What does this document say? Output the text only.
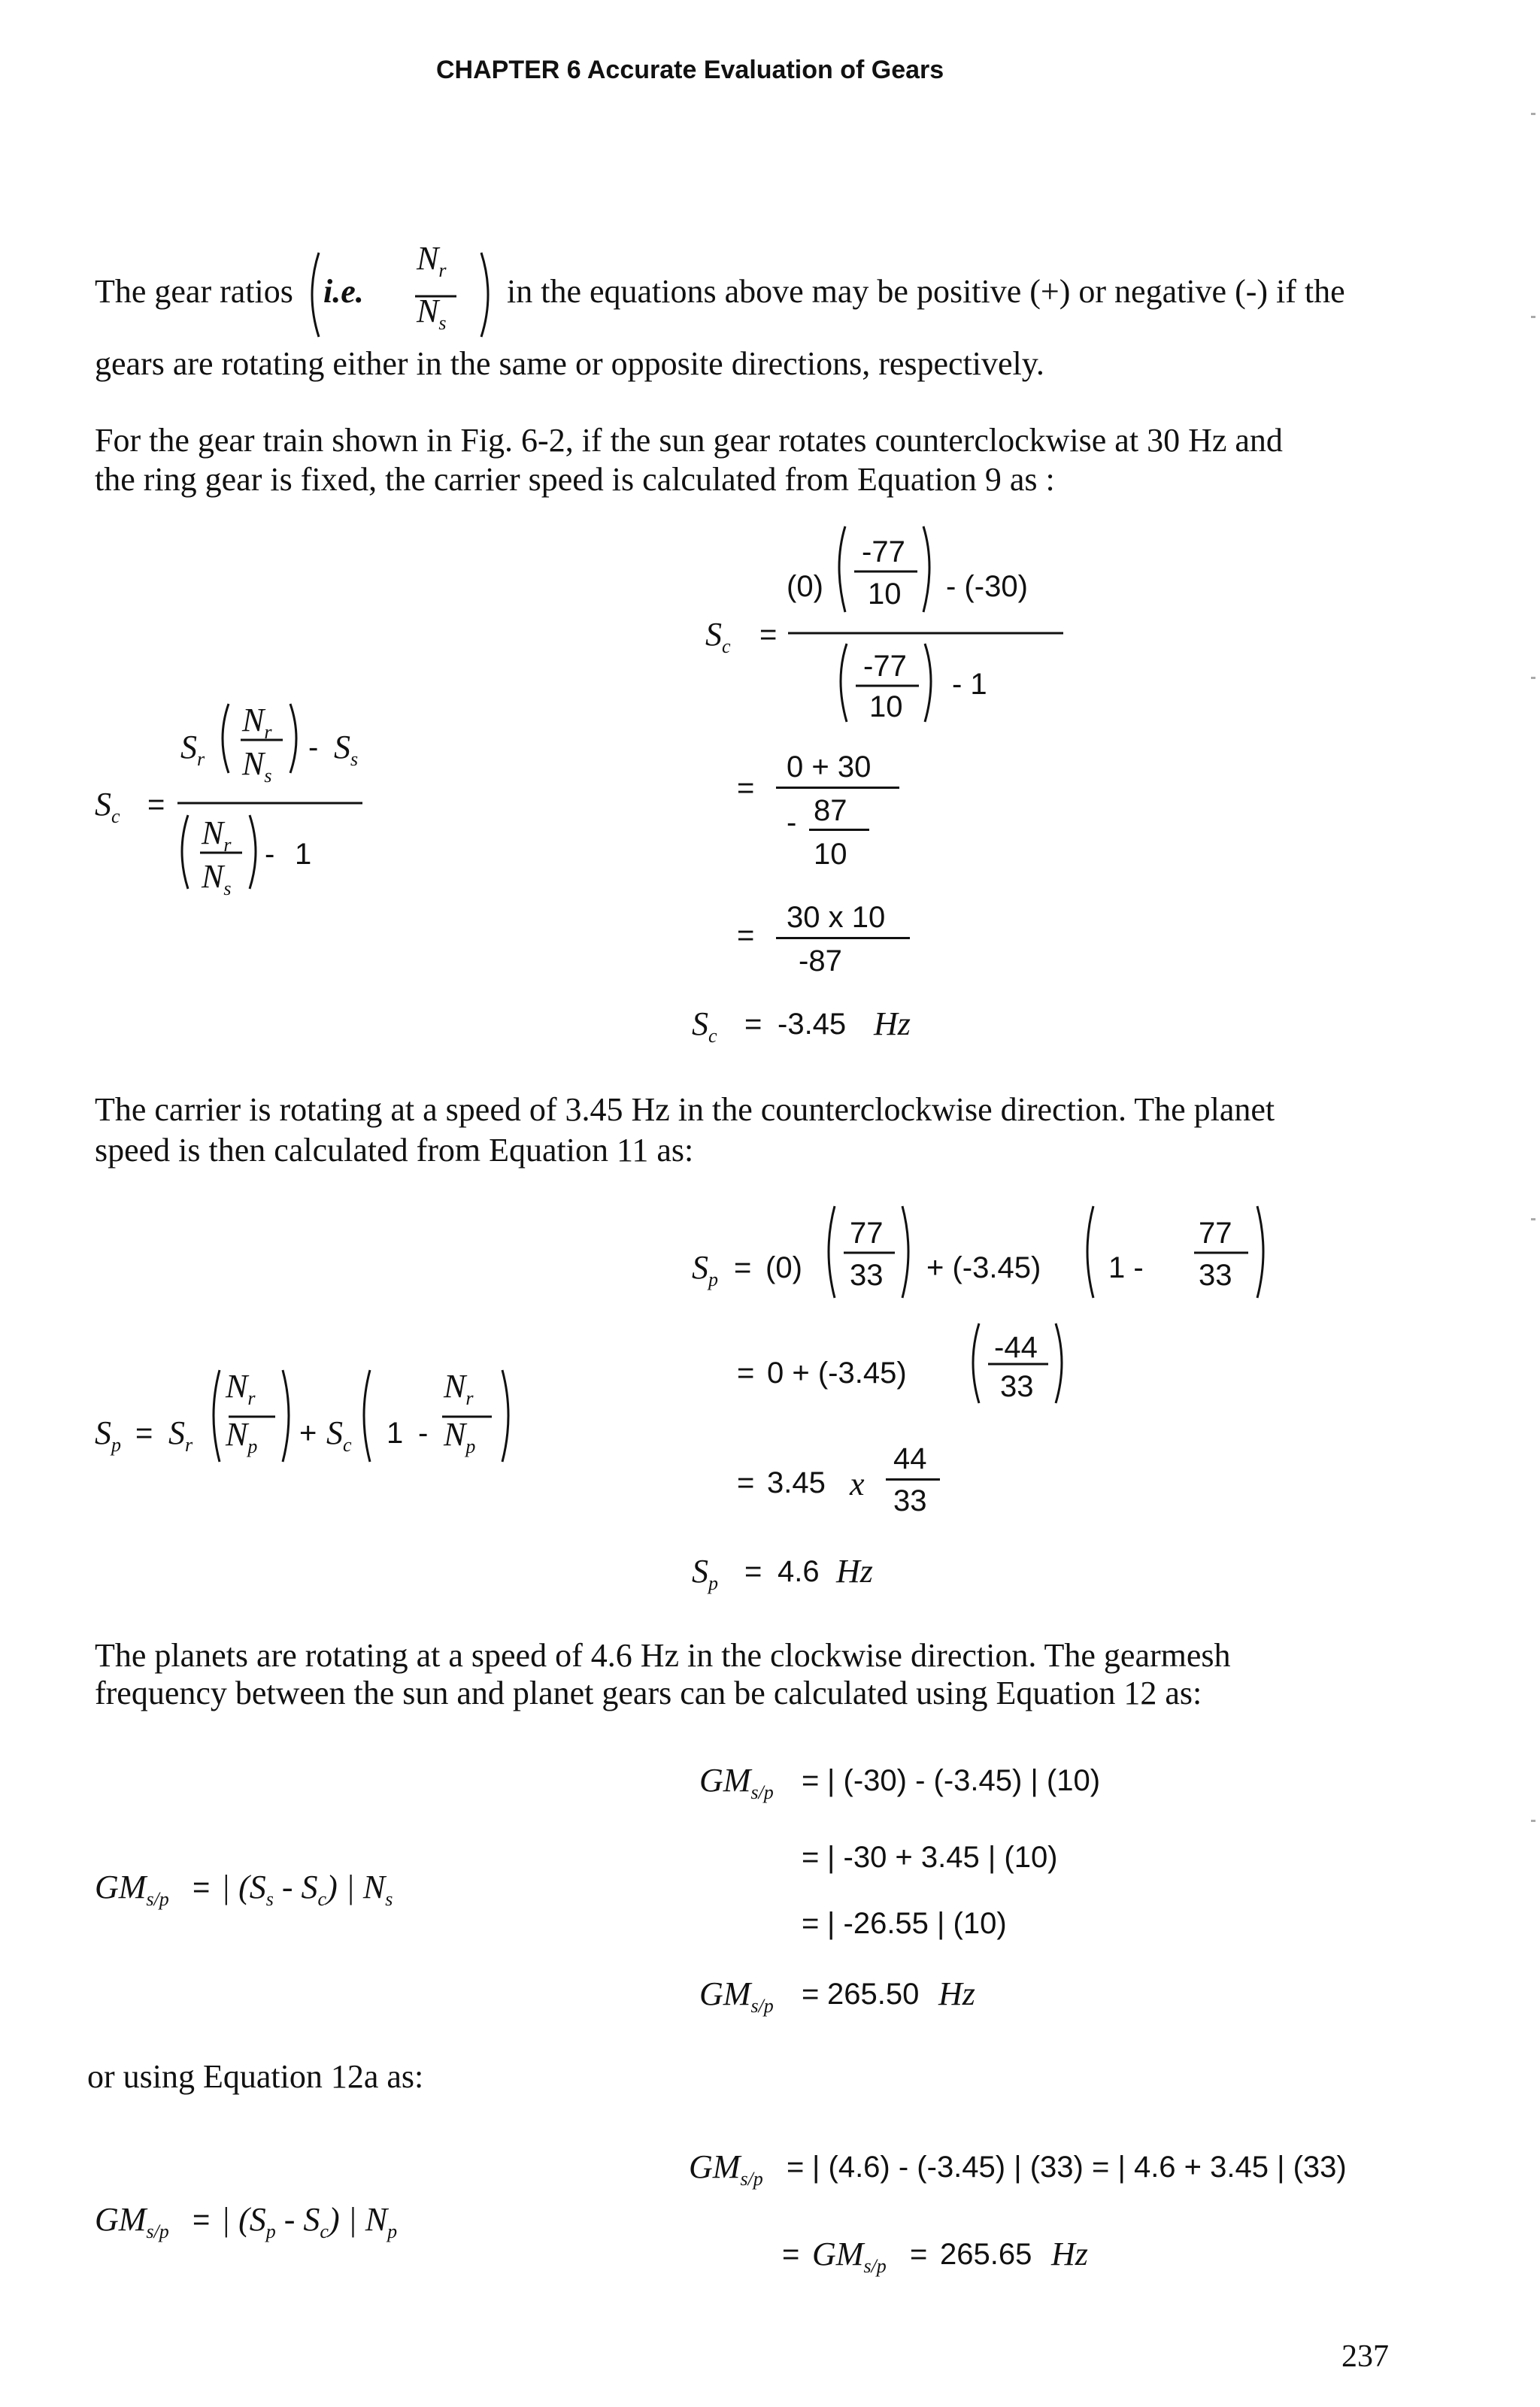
CHAPTER 6 Accurate Evaluation of Gears
The gear ratios i.e.
$N_r$
$N_s$
in the equations above may be positive (+) or negative (-) if the
gears are rotating either in the same or opposite directions, respectively.
For the gear train shown in Fig. 6-2, if the sun gear rotates counterclockwise at 30 Hz and
the ring gear is fixed, the carrier speed is calculated from Equation 9 as :
$S_c$ =
$S_r$
$N_r$
$N_s$
- $S_s$
$N_r$
$N_s$
- 1
$S_c$ =
(0)
-77
10 - (-30)
-77
10
- 1
=
0 + 30
- 87
10
=
30 x 10
-87
$S_c = -3.45$ Hz
The carrier is rotating at a speed of 3.45 Hz in the counterclockwise direction. The planet
speed is then calculated from Equation 11 as:
$S_p = S_r$
$N_r$
$N_p + S_c$ 1 -
$N_r$
$N_p$
$S_p = (0)$
77
33 + (-3.45) 1 -
77
33
= 0 + (-3.45)
-44
33
= 3.45 x
44
33
$S_p = 4.6$ Hz
The planets are rotating at a speed of 4.6 Hz in the clockwise direction. The gearmesh
frequency between the sun and planet gears can be calculated using Equation 12 as:
$GM_{s/p}$ = | $(S_s - S_c)$ | $N_s$
$GM_{s/p}$ = | (-30) - (-3.45) | (10)
= | -30 + 3.45 | (10)
= | -26.55 | (10)
$GM_{s/p} = 265.50$ Hz
or using Equation 12a as:
$GM_{s/p}$ = | $(S_p - S_c)$ | $N_p$
$GM_{s/p}$ = | (4.6) - (-3.45) | (33) = | 4.6 + 3.45 | (33)
= $GM_{s/p} = 265.65$ Hz
237
